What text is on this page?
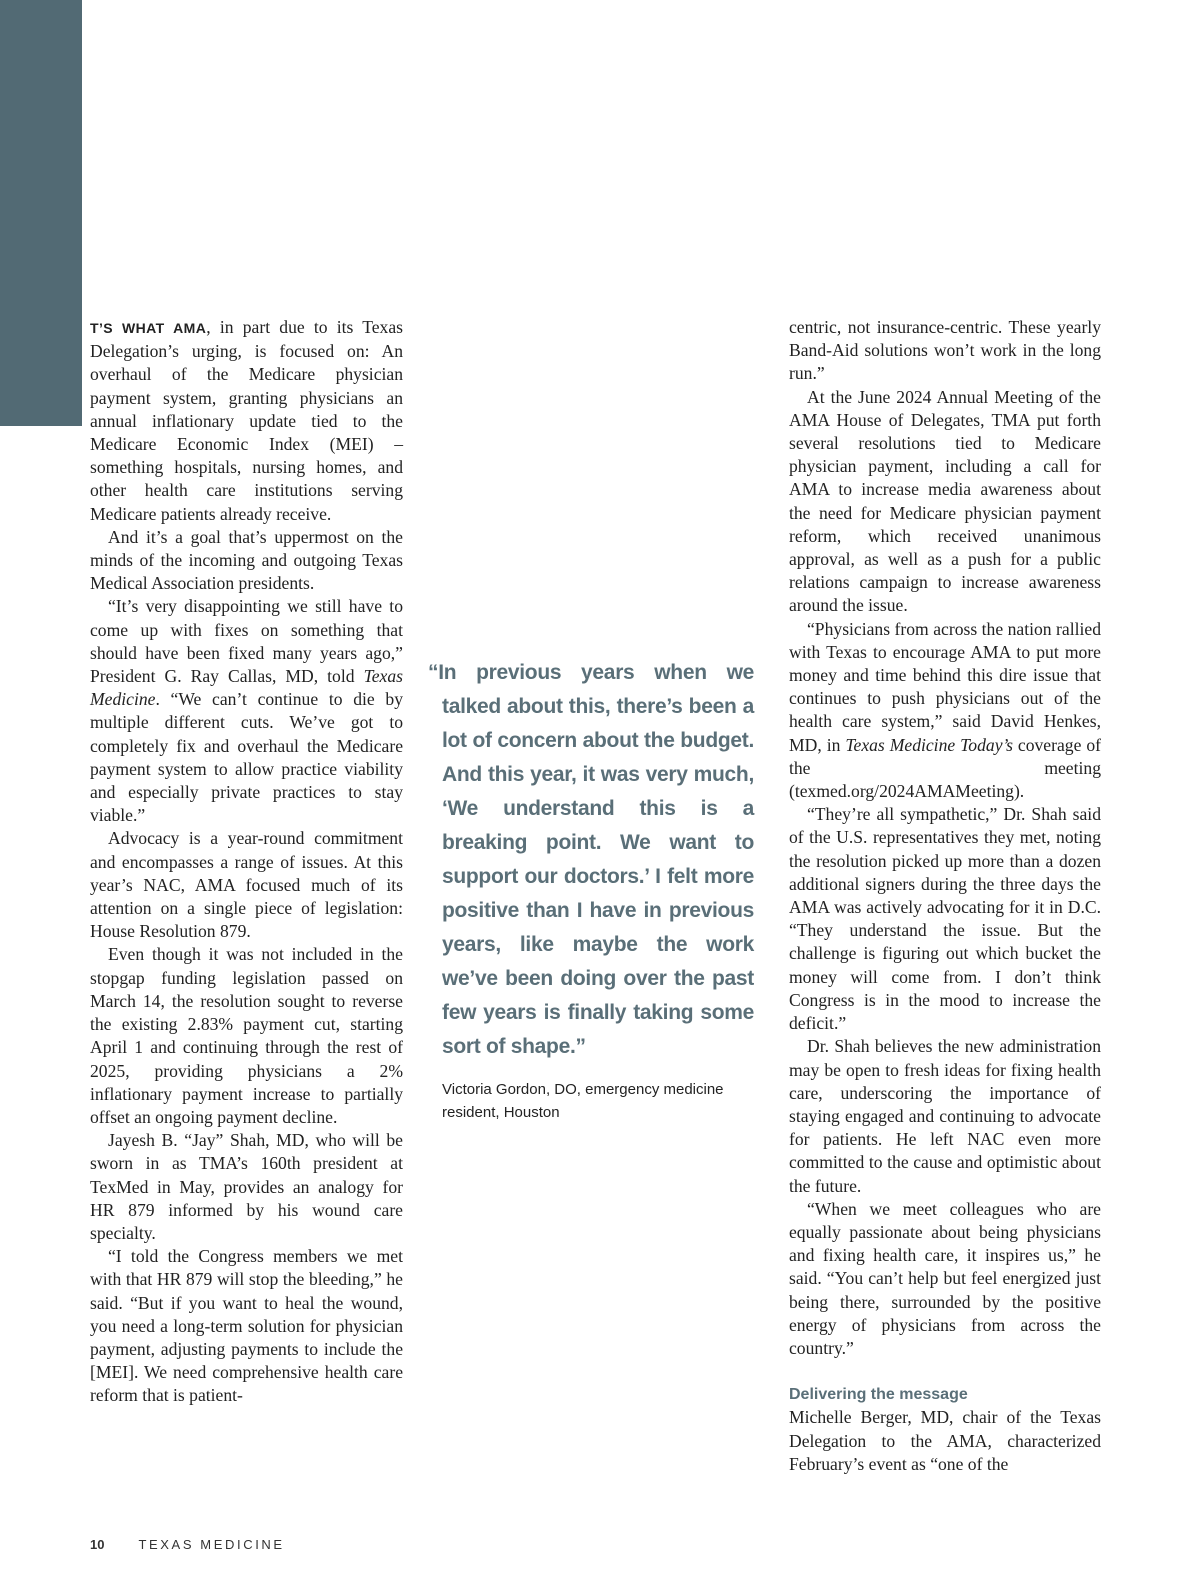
T’S WHAT AMA, in part due to its Texas Delegation’s urging, is focused on: An overhaul of the Medicare physician payment system, granting physicians an annual inflationary update tied to the Medicare Economic Index (MEI) – something hospitals, nursing homes, and other health care institutions serving Medicare patients already receive.

And it’s a goal that’s uppermost on the minds of the incoming and outgoing Texas Medical Association presidents.

“It’s very disappointing we still have to come up with fixes on something that should have been fixed many years ago,” President G. Ray Callas, MD, told Texas Medicine. “We can’t continue to die by multiple different cuts. We’ve got to completely fix and overhaul the Medicare payment system to allow practice viability and especially private practices to stay viable.”

Advocacy is a year-round commitment and encompasses a range of issues. At this year’s NAC, AMA focused much of its attention on a single piece of legislation: House Resolution 879.

Even though it was not included in the stopgap funding legislation passed on March 14, the resolution sought to reverse the existing 2.83% payment cut, starting April 1 and continuing through the rest of 2025, providing physicians a 2% inflationary payment increase to partially offset an ongoing payment decline.

Jayesh B. “Jay” Shah, MD, who will be sworn in as TMA’s 160th president at TexMed in May, provides an analogy for HR 879 informed by his wound care specialty.

“I told the Congress members we met with that HR 879 will stop the bleeding,” he said. “But if you want to heal the wound, you need a long-term solution for physician payment, adjusting payments to include the [MEI]. We need comprehensive health care reform that is patient-

“In previous years when we talked about this, there’s been a lot of concern about the budget. And this year, it was very much, ‘We understand this is a breaking point. We want to support our doctors.’ I felt more positive than I have in previous years, like maybe the work we’ve been doing over the past few years is finally taking some sort of shape.”

Victoria Gordon, DO, emergency medicine resident, Houston

centric, not insurance-centric. These yearly Band-Aid solutions won’t work in the long run.”

At the June 2024 Annual Meeting of the AMA House of Delegates, TMA put forth several resolutions tied to Medicare physician payment, including a call for AMA to increase media awareness about the need for Medicare physician payment reform, which received unanimous approval, as well as a push for a public relations campaign to increase awareness around the issue.

“Physicians from across the nation rallied with Texas to encourage AMA to put more money and time behind this dire issue that continues to push physicians out of the health care system,” said David Henkes, MD, in Texas Medicine Today’s coverage of the meeting (texmed.org/2024AMAMeeting).

“They’re all sympathetic,” Dr. Shah said of the U.S. representatives they met, noting the resolution picked up more than a dozen additional signers during the three days the AMA was actively advocating for it in D.C. “They understand the issue. But the challenge is figuring out which bucket the money will come from. I don’t think Congress is in the mood to increase the deficit.”

Dr. Shah believes the new administration may be open to fresh ideas for fixing health care, underscoring the importance of staying engaged and continuing to advocate for patients. He left NAC even more committed to the cause and optimistic about the future.

“When we meet colleagues who are equally passionate about being physicians and fixing health care, it inspires us,” he said. “You can’t help but feel energized just being there, surrounded by the positive energy of physicians from across the country.”

Delivering the message

Michelle Berger, MD, chair of the Texas Delegation to the AMA, characterized February’s event as “one of the

10	TEXAS MEDICINE
